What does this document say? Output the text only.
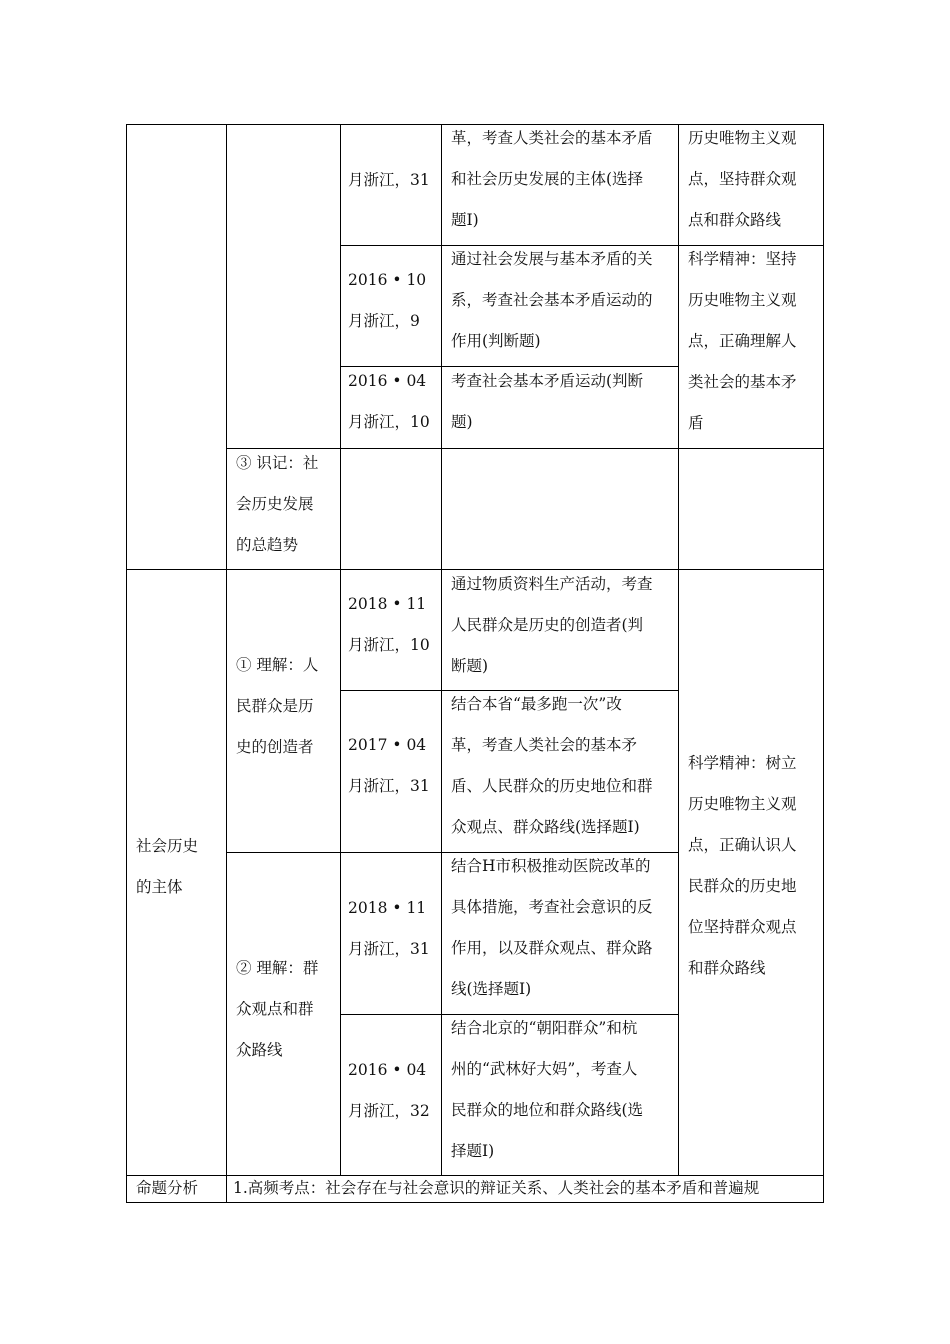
月浙江，31
革，考查人类社会的基本矛盾
和社会历史发展的主体(选择
题Ⅰ)
历史唯物主义观
点，坚持群众观
点和群众路线
2016 • 10
月浙江，9
通过社会发展与基本矛盾的关
系，考查社会基本矛盾运动的
作用(判断题)
2016 • 04
月浙江，10
考查社会基本矛盾运动(判断
题)
科学精神：坚持
历史唯物主义观
点，正确理解人
类社会的基本矛
盾
③ 识记：社
会历史发展
的总趋势
社会历史
的主体
① 理解：人
民群众是历
史的创造者
② 理解：群
众观点和群
众路线
2018 • 11
月浙江，10
通过物质资料生产活动，考查
人民群众是历史的创造者(判
断题)
2017 • 04
月浙江，31
结合本省“最多跑一次”改
革，考查人类社会的基本矛
盾、人民群众的历史地位和群
众观点、群众路线(选择题Ⅰ)
2018 • 11
月浙江，31
结合H市积极推动医院改革的
具体措施，考查社会意识的反
作用，以及群众观点、群众路
线(选择题Ⅰ)
2016 • 04
月浙江，32
结合北京的“朝阳群众”和杭
州的“武林好大妈”，考查人
民群众的地位和群众路线(选
择题Ⅰ)
科学精神：树立
历史唯物主义观
点，正确认识人
民群众的历史地
位坚持群众观点
和群众路线
命题分析 1.高频考点：社会存在与社会意识的辩证关系、人类社会的基本矛盾和普遍规
